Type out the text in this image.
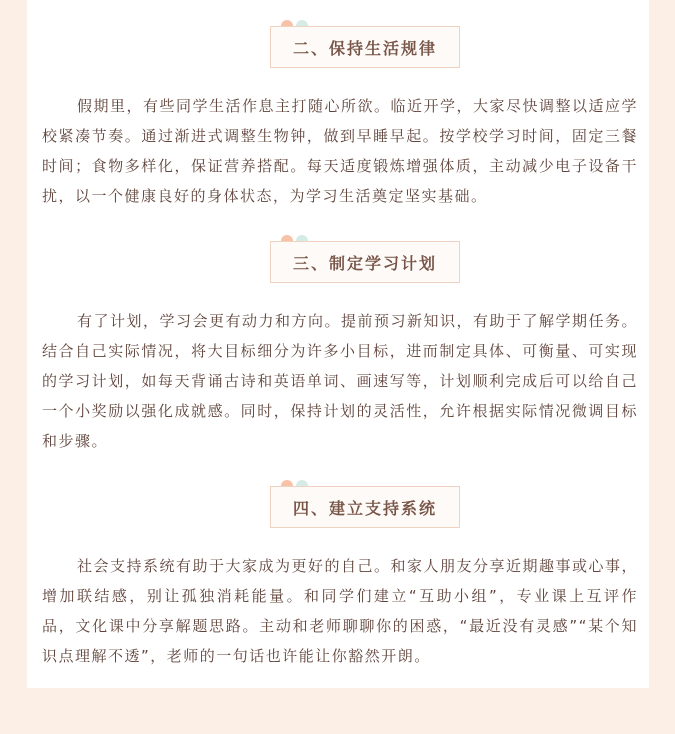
二、保持生活规律

假期里，有些同学生活作息主打随心所欲。临近开学，大家尽快调整以适应学校紧凑节奏。通过渐进式调整生物钟，做到早睡早起。按学校学习时间，固定三餐时间；食物多样化，保证营养搭配。每天适度锻炼增强体质，主动减少电子设备干扰，以一个健康良好的身体状态，为学习生活奠定坚实基础。

三、制定学习计划

有了计划，学习会更有动力和方向。提前预习新知识，有助于了解学期任务。结合自己实际情况，将大目标细分为许多小目标，进而制定具体、可衡量、可实现的学习计划，如每天背诵古诗和英语单词、画速写等，计划顺利完成后可以给自己一个小奖励以强化成就感。同时，保持计划的灵活性，允许根据实际情况微调目标和步骤。

四、建立支持系统

社会支持系统有助于大家成为更好的自己。和家人朋友分享近期趣事或心事，增加联结感，别让孤独消耗能量。和同学们建立“互助小组”，专业课上互评作品，文化课中分享解题思路。主动和老师聊聊你的困惑，“最近没有灵感”“某个知识点理解不透”，老师的一句话也许能让你豁然开朗。
